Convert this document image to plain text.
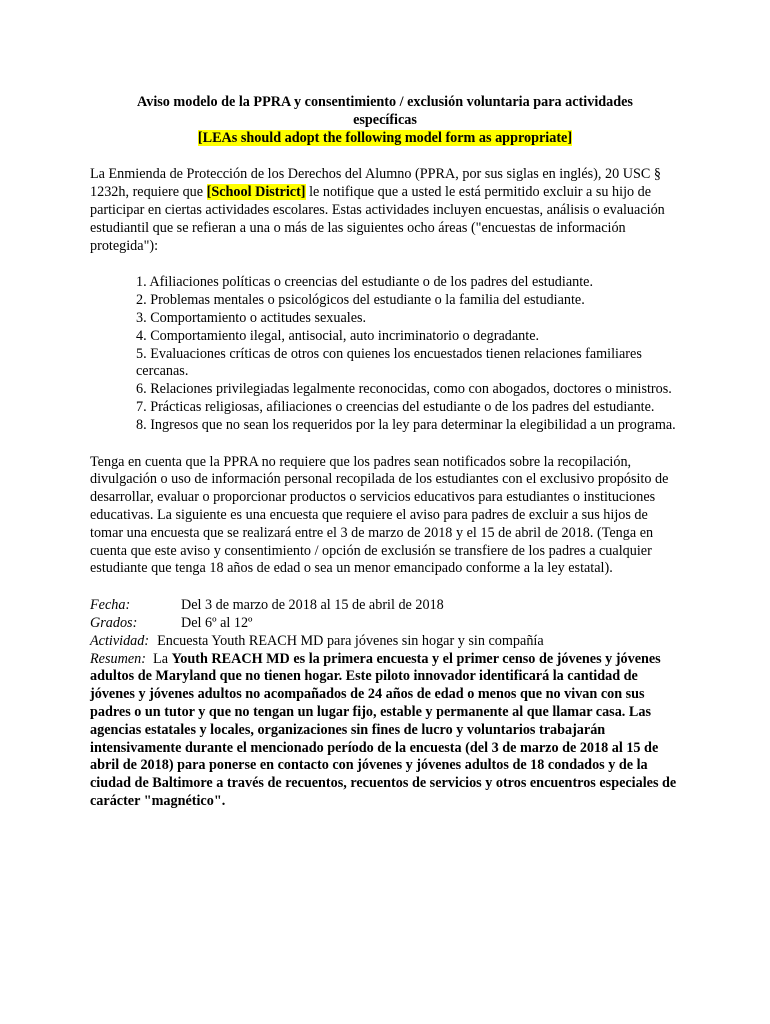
Aviso modelo de la PPRA y consentimiento / exclusión voluntaria para actividades
específicas
[LEAs should adopt the following model form as appropriate]

La Enmienda de Protección de los Derechos del Alumno (PPRA, por sus siglas en inglés), 20 USC § 1232h, requiere que [School District] le notifique que a usted le está permitido excluir a su hijo de participar en ciertas actividades escolares. Estas actividades incluyen encuestas, análisis o evaluación estudiantil que se refieran a una o más de las siguientes ocho áreas ("encuestas de información protegida"):

1. Afiliaciones políticas o creencias del estudiante o de los padres del estudiante.
2. Problemas mentales o psicológicos del estudiante o la familia del estudiante.
3. Comportamiento o actitudes sexuales.
4. Comportamiento ilegal, antisocial, auto incriminatorio o degradante.
5. Evaluaciones críticas de otros con quienes los encuestados tienen relaciones familiares cercanas.
6. Relaciones privilegiadas legalmente reconocidas, como con abogados, doctores o ministros.
7. Prácticas religiosas, afiliaciones o creencias del estudiante o de los padres del estudiante.
8. Ingresos que no sean los requeridos por la ley para determinar la elegibilidad a un programa.

Tenga en cuenta que la PPRA no requiere que los padres sean notificados sobre la recopilación, divulgación o uso de información personal recopilada de los estudiantes con el exclusivo propósito de desarrollar, evaluar o proporcionar productos o servicios educativos para estudiantes o instituciones educativas. La siguiente es una encuesta que requiere el aviso para padres de excluir a sus hijos de tomar una encuesta que se realizará entre el 3 de marzo de 2018 y el 15 de abril de 2018. (Tenga en cuenta que este aviso y consentimiento / opción de exclusión se transfiere de los padres a cualquier estudiante que tenga 18 años de edad o sea un menor emancipado conforme a la ley estatal).

Fecha:	Del 3 de marzo de 2018 al 15 de abril de 2018
Grados:	Del 6º al 12º
Actividad: Encuesta Youth REACH MD para jóvenes sin hogar y sin compañía

Resumen: La Youth REACH MD es la primera encuesta y el primer censo de jóvenes y jóvenes adultos de Maryland que no tienen hogar. Este piloto innovador identificará la cantidad de jóvenes y jóvenes adultos no acompañados de 24 años de edad o menos que no vivan con sus padres o un tutor y que no tengan un lugar fijo, estable y permanente al que llamar casa. Las agencias estatales y locales, organizaciones sin fines de lucro y voluntarios trabajarán intensivamente durante el mencionado período de la encuesta (del 3 de marzo de 2018 al 15 de abril de 2018) para ponerse en contacto con jóvenes y jóvenes adultos de 18 condados y de la ciudad de Baltimore a través de recuentos, recuentos de servicios y otros encuentros especiales de carácter "magnético".
